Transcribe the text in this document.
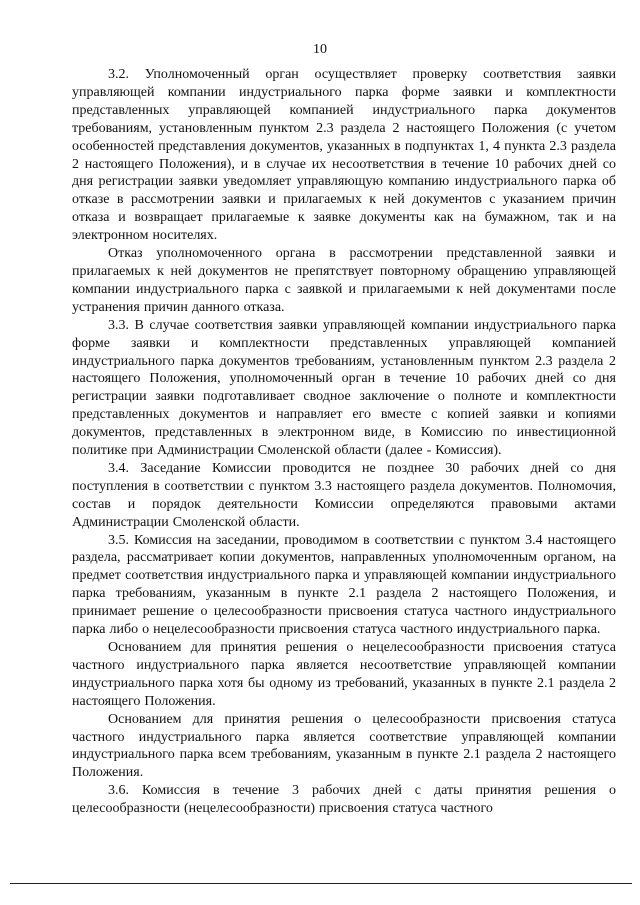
10

3.2. Уполномоченный орган осуществляет проверку соответствия заявки управляющей компании индустриального парка форме заявки и комплектности представленных управляющей компанией индустриального парка документов требованиям, установленным пунктом 2.3 раздела 2 настоящего Положения (с учетом особенностей представления документов, указанных в подпунктах 1, 4 пункта 2.3 раздела 2 настоящего Положения), и в случае их несоответствия в течение 10 рабочих дней со дня регистрации заявки уведомляет управляющую компанию индустриального парка об отказе в рассмотрении заявки и прилагаемых к ней документов с указанием причин отказа и возвращает прилагаемые к заявке документы как на бумажном, так и на электронном носителях.

Отказ уполномоченного органа в рассмотрении представленной заявки и прилагаемых к ней документов не препятствует повторному обращению управляющей компании индустриального парка с заявкой и прилагаемыми к ней документами после устранения причин данного отказа.

3.3. В случае соответствия заявки управляющей компании индустриального парка форме заявки и комплектности представленных управляющей компанией индустриального парка документов требованиям, установленным пунктом 2.3 раздела 2 настоящего Положения, уполномоченный орган в течение 10 рабочих дней со дня регистрации заявки подготавливает сводное заключение о полноте и комплектности представленных документов и направляет его вместе с копией заявки и копиями документов, представленных в электронном виде, в Комиссию по инвестиционной политике при Администрации Смоленской области (далее - Комиссия).

3.4. Заседание Комиссии проводится не позднее 30 рабочих дней со дня поступления в соответствии с пунктом 3.3 настоящего раздела документов. Полномочия, состав и порядок деятельности Комиссии определяются правовыми актами Администрации Смоленской области.

3.5. Комиссия на заседании, проводимом в соответствии с пунктом 3.4 настоящего раздела, рассматривает копии документов, направленных уполномоченным органом, на предмет соответствия индустриального парка и управляющей компании индустриального парка требованиям, указанным в пункте 2.1 раздела 2 настоящего Положения, и принимает решение о целесообразности присвоения статуса частного индустриального парка либо о нецелесообразности присвоения статуса частного индустриального парка.

Основанием для принятия решения о нецелесообразности присвоения статуса частного индустриального парка является несоответствие управляющей компании индустриального парка хотя бы одному из требований, указанных в пункте 2.1 раздела 2 настоящего Положения.

Основанием для принятия решения о целесообразности присвоения статуса частного индустриального парка является соответствие управляющей компании индустриального парка всем требованиям, указанным в пункте 2.1 раздела 2 настоящего Положения.

3.6. Комиссия в течение 3 рабочих дней с даты принятия решения о целесообразности (нецелесообразности) присвоения статуса частного
